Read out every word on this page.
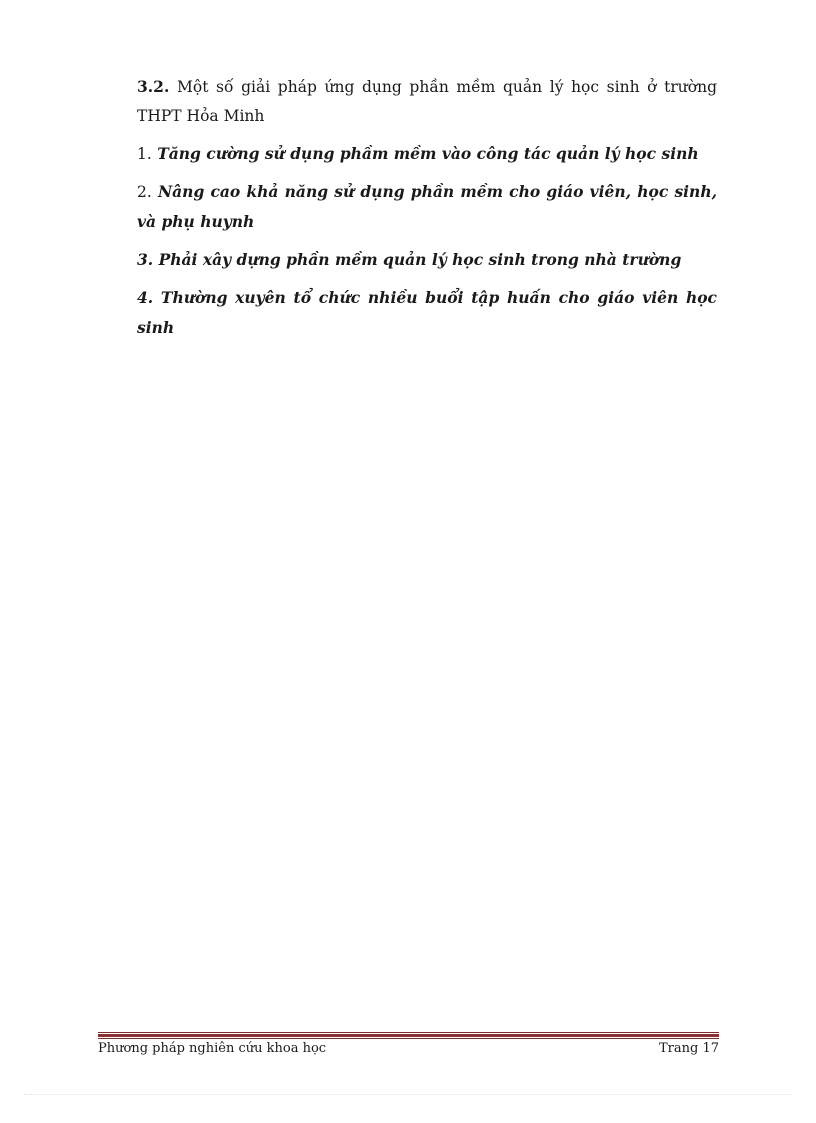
3.2. Một số giải pháp ứng dụng phần mềm quản lý học sinh ở trường THPT Hỏa Minh

1. Tăng cường sử dụng phầm mềm vào công tác quản lý học sinh

2. Nâng cao khả năng sử dụng phần mềm cho giáo viên, học sinh, và phụ huynh

3. Phải xây dựng phần mềm quản lý học sinh trong nhà trường

4. Thường xuyên tổ chức nhiều buổi tập huấn cho giáo viên học sinh

Phương pháp nghiên cứu khoa học	Trang 17
